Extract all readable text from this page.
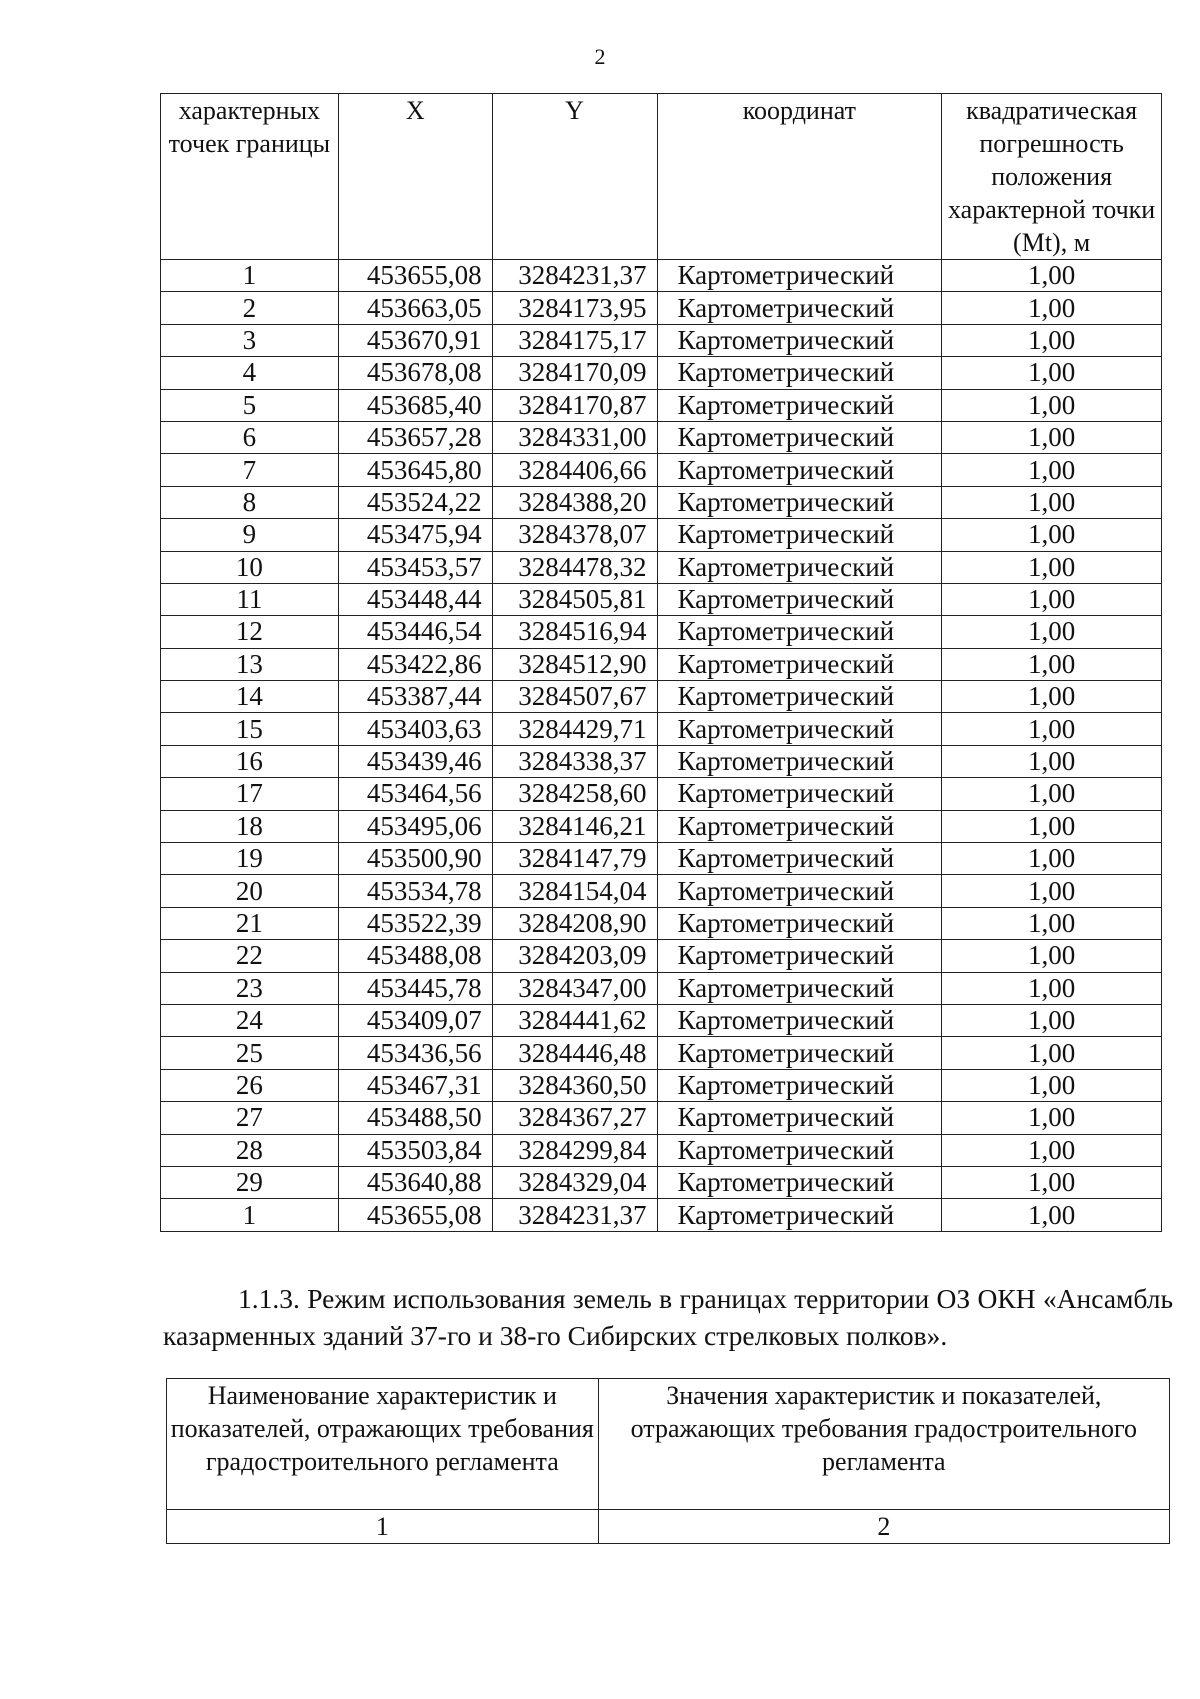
2
характерных точек границы	X	Y	координат	квадратическая погрешность положения характерной точки (Mt), м
1	453655,08	3284231,37	Картометрический	1,00
2	453663,05	3284173,95	Картометрический	1,00
3	453670,91	3284175,17	Картометрический	1,00
4	453678,08	3284170,09	Картометрический	1,00
5	453685,40	3284170,87	Картометрический	1,00
6	453657,28	3284331,00	Картометрический	1,00
7	453645,80	3284406,66	Картометрический	1,00
8	453524,22	3284388,20	Картометрический	1,00
9	453475,94	3284378,07	Картометрический	1,00
10	453453,57	3284478,32	Картометрический	1,00
11	453448,44	3284505,81	Картометрический	1,00
12	453446,54	3284516,94	Картометрический	1,00
13	453422,86	3284512,90	Картометрический	1,00
14	453387,44	3284507,67	Картометрический	1,00
15	453403,63	3284429,71	Картометрический	1,00
16	453439,46	3284338,37	Картометрический	1,00
17	453464,56	3284258,60	Картометрический	1,00
18	453495,06	3284146,21	Картометрический	1,00
19	453500,90	3284147,79	Картометрический	1,00
20	453534,78	3284154,04	Картометрический	1,00
21	453522,39	3284208,90	Картометрический	1,00
22	453488,08	3284203,09	Картометрический	1,00
23	453445,78	3284347,00	Картометрический	1,00
24	453409,07	3284441,62	Картометрический	1,00
25	453436,56	3284446,48	Картометрический	1,00
26	453467,31	3284360,50	Картометрический	1,00
27	453488,50	3284367,27	Картометрический	1,00
28	453503,84	3284299,84	Картометрический	1,00
29	453640,88	3284329,04	Картометрический	1,00
1	453655,08	3284231,37	Картометрический	1,00
1.1.3. Режим использования земель в границах территории ОЗ ОКН «Ансамбль казарменных зданий 37-го и 38-го Сибирских стрелковых полков».
Наименование характеристик и показателей, отражающих требования градостроительного регламента	Значения характеристик и показателей, отражающих требования градостроительного регламента
1	2
